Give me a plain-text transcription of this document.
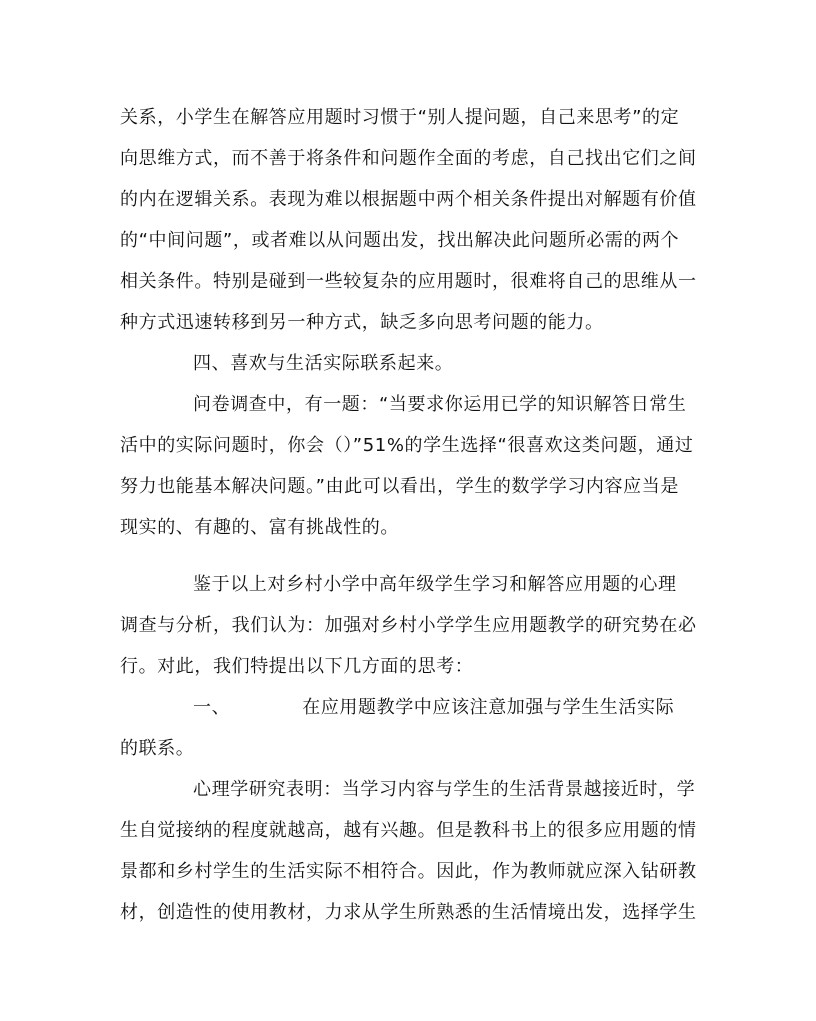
关系，小学生在解答应用题时习惯于“别人提问题，自己来思考”的定
向思维方式，而不善于将条件和问题作全面的考虑，自己找出它们之间
的内在逻辑关系。表现为难以根据题中两个相关条件提出对解题有价值
的“中间问题”，或者难以从问题出发，找出解决此问题所必需的两个
相关条件。特别是碰到一些较复杂的应用题时，很难将自己的思维从一
种方式迅速转移到另一种方式，缺乏多向思考问题的能力。
四、喜欢与生活实际联系起来。
问卷调查中，有一题：“当要求你运用已学的知识解答日常生
活中的实际问题时，你会（）”51%的学生选择“很喜欢这类问题，通过
努力也能基本解决问题。”由此可以看出，学生的数学学习内容应当是
现实的、有趣的、富有挑战性的。
鉴于以上对乡村小学中高年级学生学习和解答应用题的心理
调查与分析，我们认为：加强对乡村小学学生应用题教学的研究势在必
行。对此，我们特提出以下几方面的思考：
一、	在应用题教学中应该注意加强与学生生活实际
的联系。
心理学研究表明：当学习内容与学生的生活背景越接近时，学
生自觉接纳的程度就越高，越有兴趣。但是教科书上的很多应用题的情
景都和乡村学生的生活实际不相符合。因此，作为教师就应深入钻研教
材，创造性的使用教材，力求从学生所熟悉的生活情境出发，选择学生
